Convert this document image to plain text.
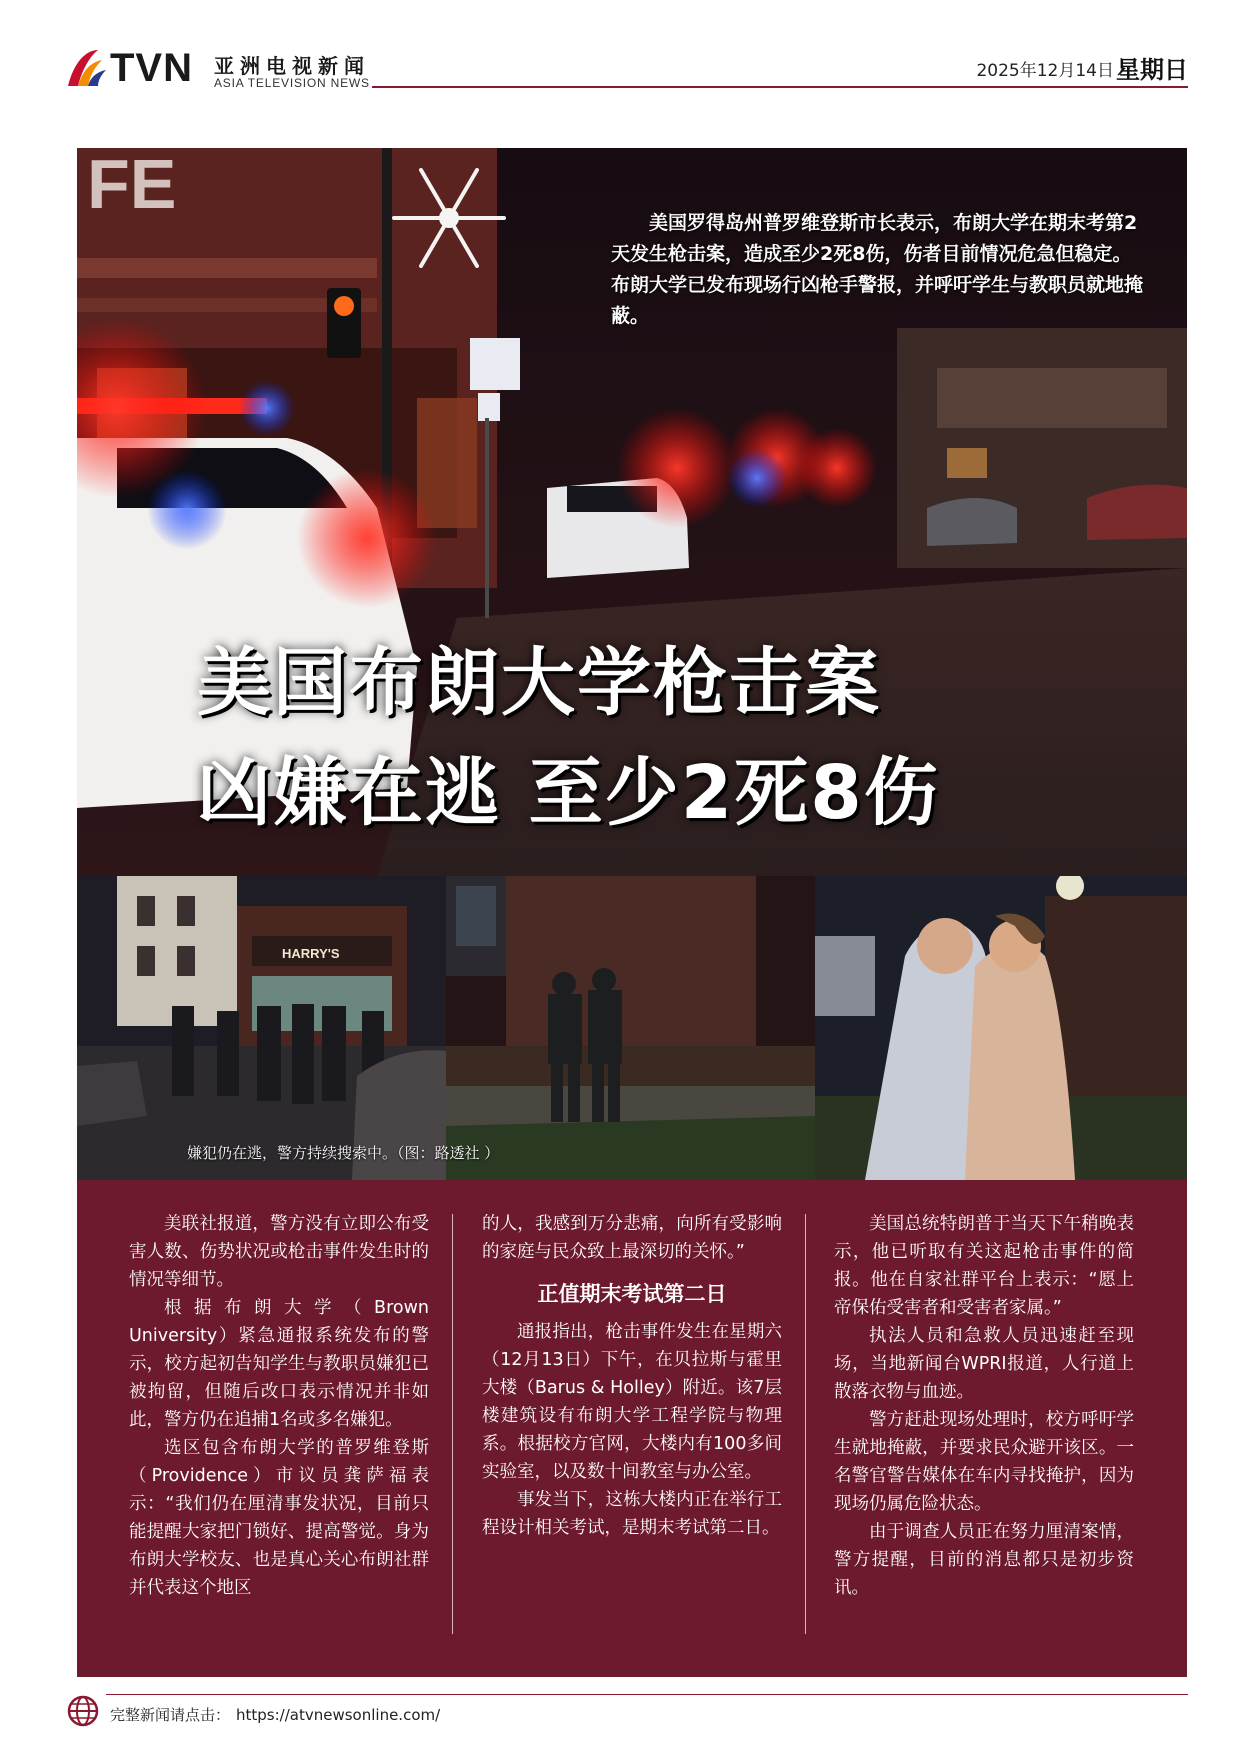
TVN 亚洲电视新闻
ASIA TELEVISION NEWS
2025年12月14日 星期日
FE	美国罗得岛州普罗维登斯市长表示，布朗大学在期末考第2天发生枪击案，造成至少2死8伤，伤者目前情况危急但稳定。布朗大学已发布现场行凶枪手警报，并呼吁学生与教职员就地掩蔽。
美国布朗大学枪击案
凶嫌在逃 至少2死8伤
HARRY'S
嫌犯仍在逃，警方持续搜索中。（图：路透社 ）

美联社报道，警方没有立即公布受害人数、伤势状况或枪击事件发生时的情况等细节。

根据布朗大学（Brown University）紧急通报系统发布的警示，校方起初告知学生与教职员嫌犯已被拘留，但随后改口表示情况并非如此，警方仍在追捕1名或多名嫌犯。

选区包含布朗大学的普罗维登斯（Providence）市议员龚萨福表示：“我们仍在厘清事发状况，目前只能提醒大家把门锁好、提高警觉。身为布朗大学校友、也是真心关心布朗社群并代表这个地区

的人，我感到万分悲痛，向所有受影响的家庭与民众致上最深切的关怀。”

正值期末考试第二日

通报指出，枪击事件发生在星期六（12月13日）下午，在贝拉斯与霍里大楼（Barus & Holley）附近。该7层楼建筑设有布朗大学工程学院与物理系。根据校方官网，大楼内有100多间实验室，以及数十间教室与办公室。

事发当下，这栋大楼内正在举行工程设计相关考试，是期末考试第二日。

美国总统特朗普于当天下午稍晚表示，他已听取有关这起枪击事件的简报。他在自家社群平台上表示：“愿上帝保佑受害者和受害者家属。”

执法人员和急救人员迅速赶至现场，当地新闻台WPRI报道，人行道上散落衣物与血迹。

警方赶赴现场处理时，校方呼吁学生就地掩蔽，并要求民众避开该区。一名警官警告媒体在车内寻找掩护，因为现场仍属危险状态。

由于调查人员正在努力厘清案情，警方提醒，目前的消息都只是初步资讯。

完整新闻请点击： https://atvnewsonline.com/
